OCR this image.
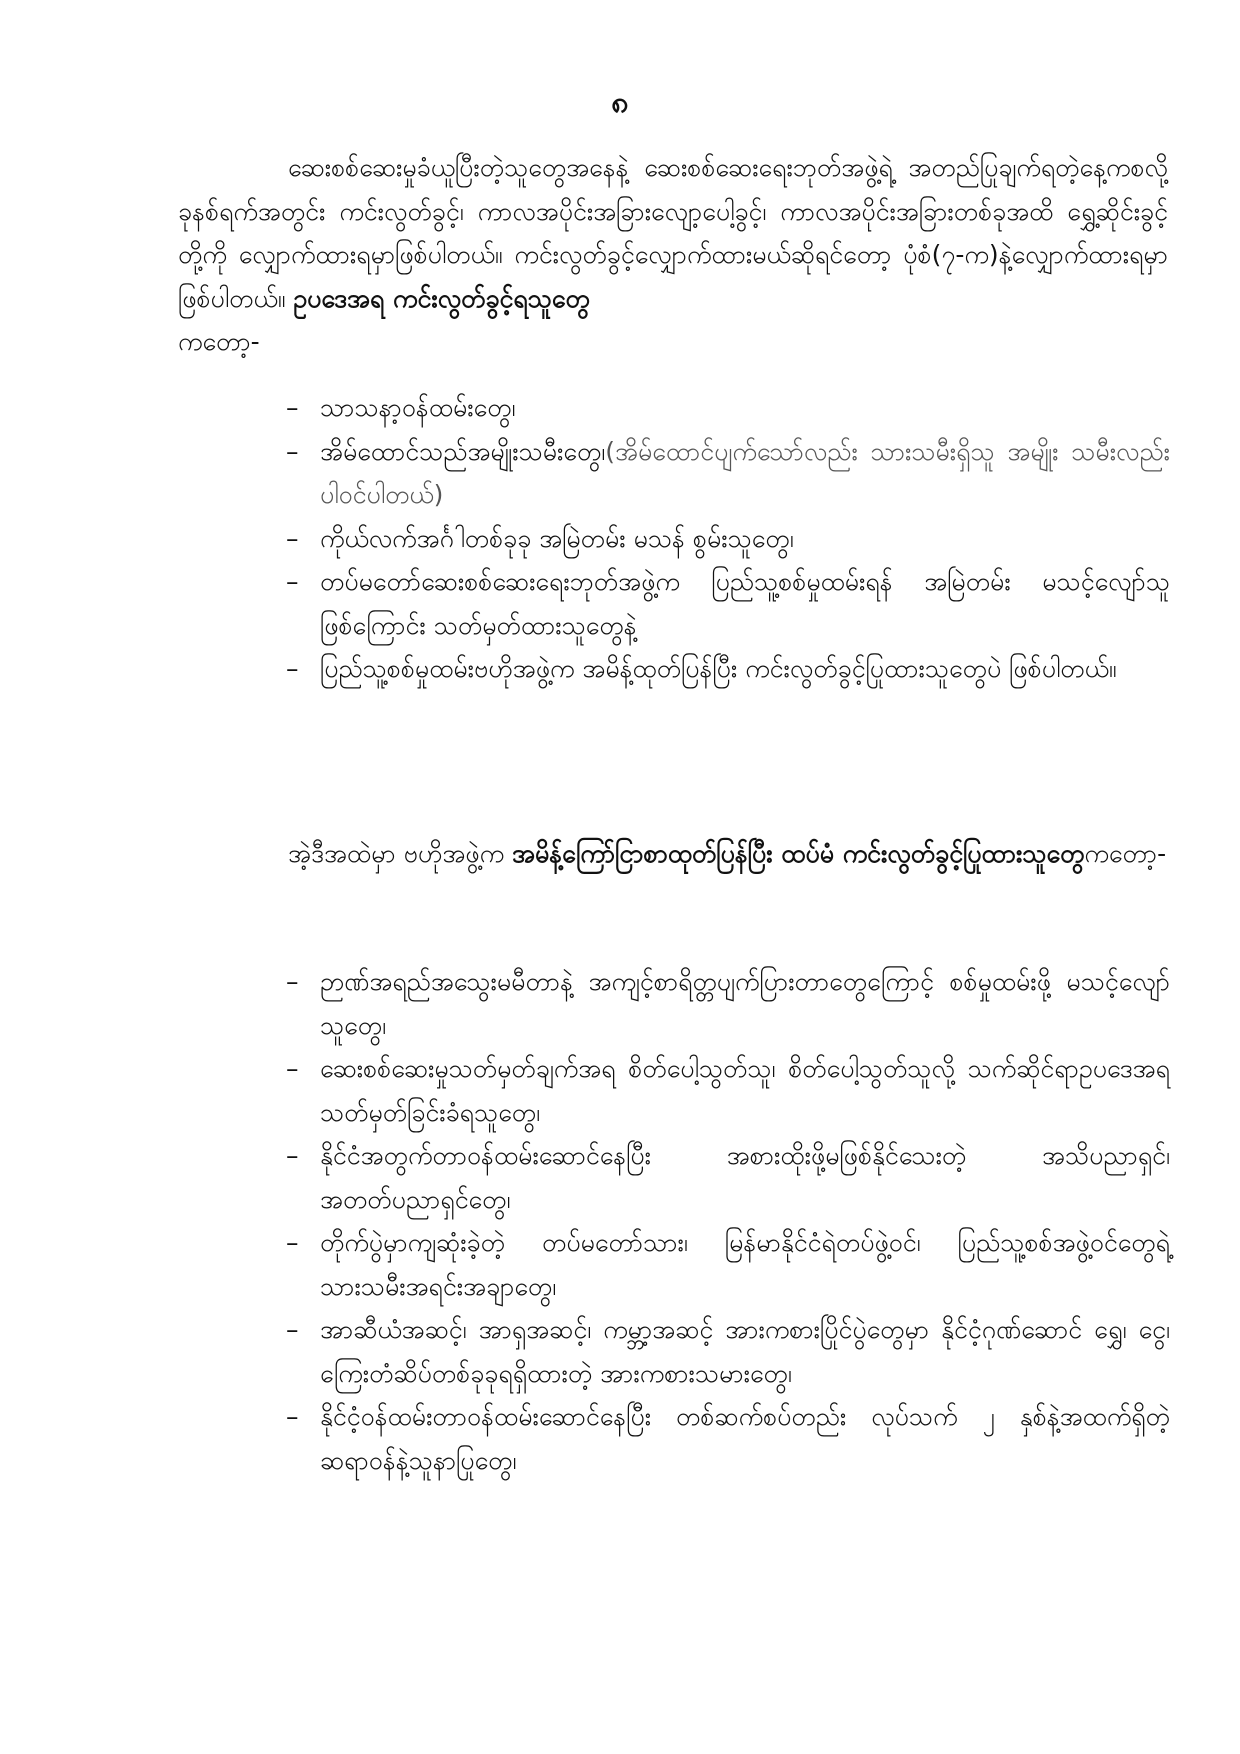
၈

ဆေးစစ်ဆေးမှုခံယူပြီးတဲ့သူတွေအနေနဲ့ ဆေးစစ်ဆေးရေးဘုတ်အဖွဲ့ရဲ့ အတည်ပြုချက်ရတဲ့နေ့ကစလို့ ခုနစ်ရက်အတွင်း ကင်းလွတ်ခွင့်၊ ကာလအပိုင်းအခြားလျော့ပေါ့ခွင့်၊ ကာလအပိုင်းအခြားတစ်ခုအထိ ရွှေ့ဆိုင်းခွင့်တို့ကို လျှောက်ထားရမှာဖြစ်ပါတယ်။ ကင်းလွတ်ခွင့်လျှောက်ထားမယ်ဆိုရင်တော့ ပုံစံ(၇-က)နဲ့လျှောက်ထားရမှာဖြစ်ပါတယ်။ ဥပဒေအရ ကင်းလွတ်ခွင့်ရသူတွေ
ကတော့-

– သာသနာ့ဝန်ထမ်းတွေ၊
– အိမ်ထောင်သည်အမျိုးသမီးတွေ၊(အိမ်ထောင်ပျက်သော်လည်း သားသမီးရှိသူ အမျိုး သမီးလည်း ပါဝင်ပါတယ်)
– ကိုယ်လက်အင်္ဂါတစ်ခုခု အမြဲတမ်း မသန် စွမ်းသူတွေ၊
– တပ်မတော်ဆေးစစ်ဆေးရေးဘုတ်အဖွဲ့က ပြည်သူ့စစ်မှုထမ်းရန် အမြဲတမ်း မသင့်လျော်သူဖြစ်ကြောင်း သတ်မှတ်ထားသူတွေနဲ့
– ပြည်သူ့စစ်မှုထမ်းဗဟိုအဖွဲ့က အမိန့်ထုတ်ပြန်ပြီး ကင်းလွတ်ခွင့်ပြုထားသူတွေပဲ ဖြစ်ပါတယ်။

အဲ့ဒီအထဲမှာ ဗဟိုအဖွဲ့က အမိန့်ကြော်ငြာစာထုတ်ပြန်ပြီး ထပ်မံ ကင်းလွတ်ခွင့်ပြုထားသူတွေကတော့-

– ဉာဏ်အရည်အသွေးမမီတာနဲ့ အကျင့်စာရိတ္တပျက်ပြားတာတွေကြောင့် စစ်မှုထမ်းဖို့ မသင့်လျော်သူတွေ၊
– ဆေးစစ်ဆေးမှုသတ်မှတ်ချက်အရ စိတ်ပေါ့သွတ်သူ၊ စိတ်ပေါ့သွတ်သူလို့ သက်ဆိုင်ရာဥပဒေအရ သတ်မှတ်ခြင်းခံရသူတွေ၊
– နိုင်ငံအတွက်တာဝန်ထမ်းဆောင်နေပြီး အစားထိုးဖို့မဖြစ်နိုင်သေးတဲ့ အသိပညာရှင်၊ အတတ်ပညာရှင်တွေ၊
– တိုက်ပွဲမှာကျဆုံးခဲ့တဲ့ တပ်မတော်သား၊ မြန်မာနိုင်ငံရဲတပ်ဖွဲ့ဝင်၊ ပြည်သူ့စစ်အဖွဲ့ဝင်တွေရဲ့ သားသမီးအရင်းအချာတွေ၊
– အာဆီယံအဆင့်၊ အာရှအဆင့်၊ ကမ္ဘာ့အဆင့် အားကစားပြိုင်ပွဲတွေမှာ နိုင်ငံ့ဂုဏ်ဆောင် ရွှေ၊ ငွေ၊ ကြေးတံဆိပ်တစ်ခုခုရရှိထားတဲ့ အားကစားသမားတွေ၊
– နိုင်ငံ့ဝန်ထမ်းတာဝန်ထမ်းဆောင်နေပြီး တစ်ဆက်စပ်တည်း လုပ်သက် ၂ နှစ်နဲ့အထက်ရှိတဲ့ ဆရာဝန်နဲ့သူနာပြုတွေ၊
